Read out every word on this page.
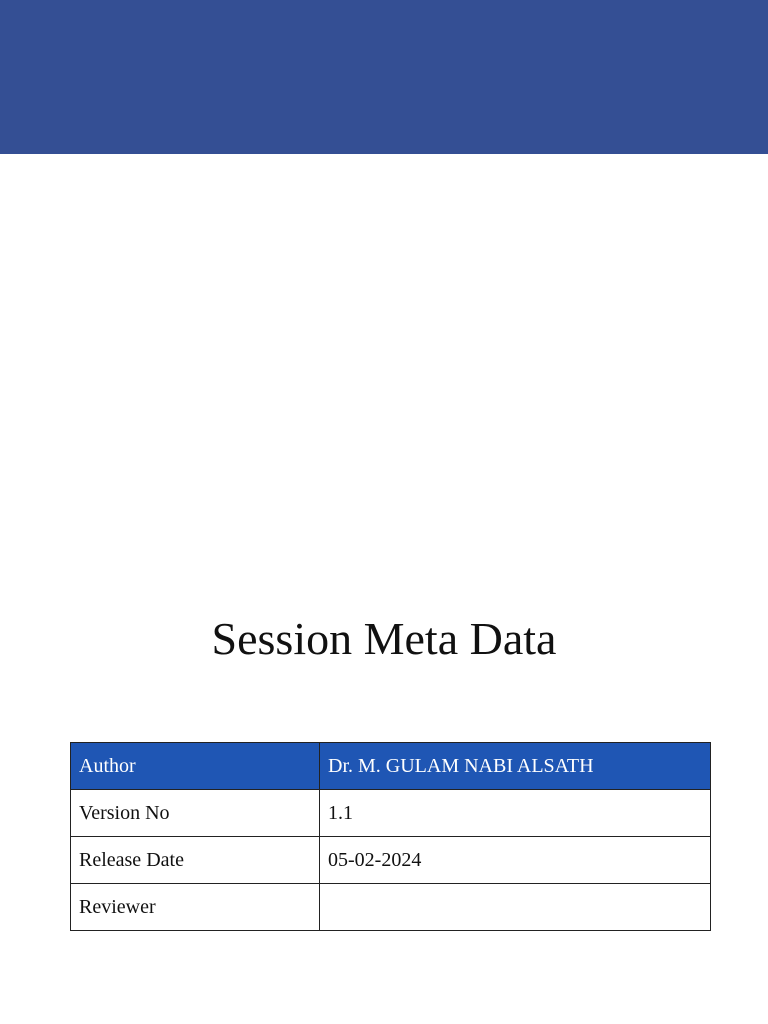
Session Meta Data
Author	Dr. M. GULAM NABI ALSATH
Version No	1.1
Release Date	05-02-2024
Reviewer	
